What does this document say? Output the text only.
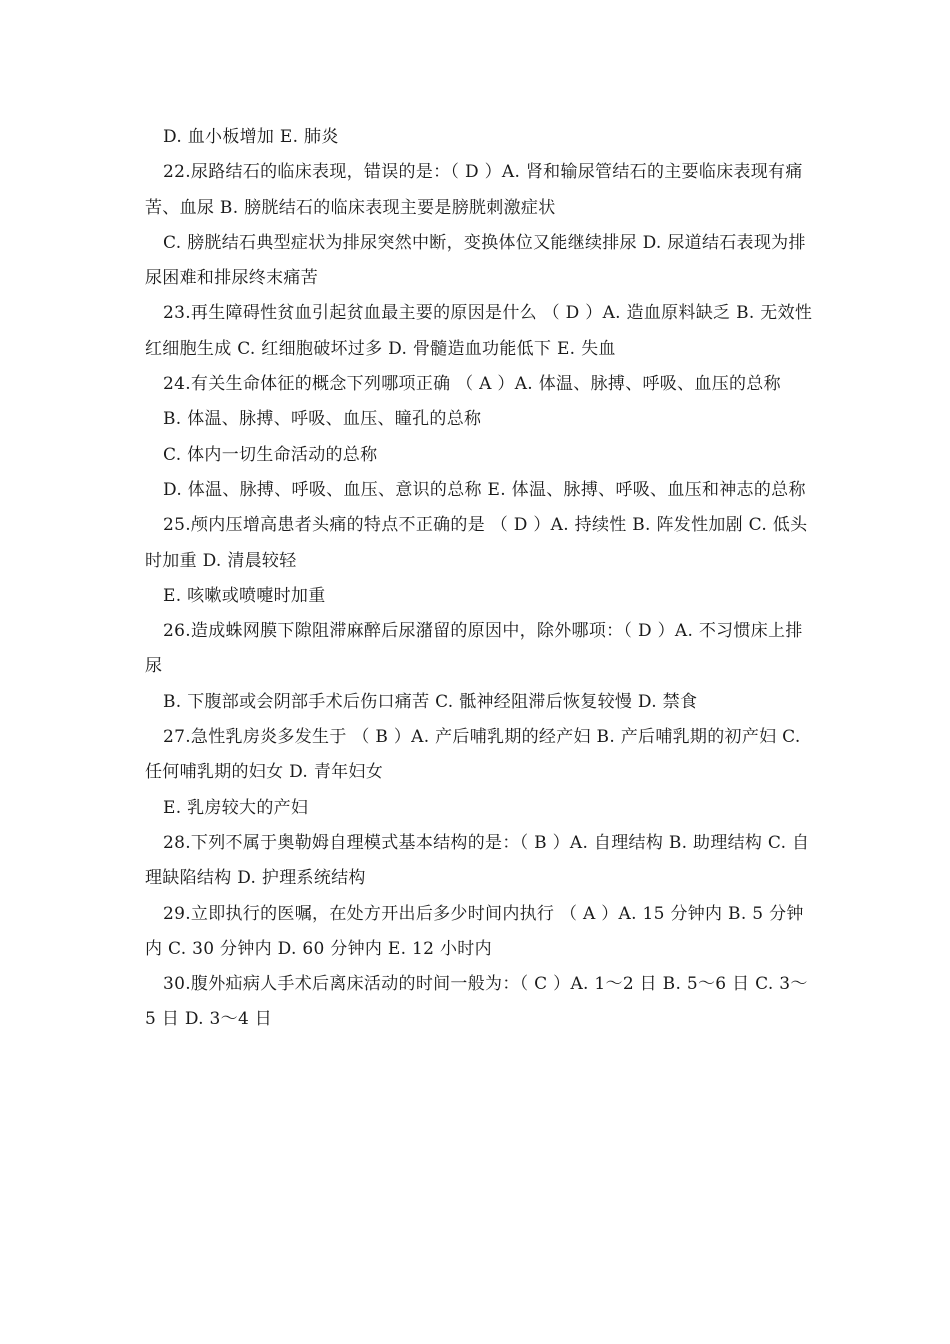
D. 血小板增加 E. 肺炎

22.尿路结石的临床表现，错误的是：（ D ）A. 肾和输尿管结石的主要临床表现有痛苦、血尿 B. 膀胱结石的临床表现主要是膀胱刺激症状

C. 膀胱结石典型症状为排尿突然中断，变换体位又能继续排尿 D. 尿道结石表现为排尿困难和排尿终末痛苦

23.再生障碍性贫血引起贫血最主要的原因是什么 （ D ）A. 造血原料缺乏 B. 无效性红细胞生成 C. 红细胞破坏过多 D. 骨髓造血功能低下 E. 失血

24.有关生命体征的概念下列哪项正确 （ A ）A. 体温、脉搏、呼吸、血压的总称

B. 体温、脉搏、呼吸、血压、瞳孔的总称

C. 体内一切生命活动的总称

D. 体温、脉搏、呼吸、血压、意识的总称 E. 体温、脉搏、呼吸、血压和神志的总称

25.颅内压增高患者头痛的特点不正确的是 （ D ）A. 持续性 B. 阵发性加剧 C. 低头时加重 D. 清晨较轻

E. 咳嗽或喷嚏时加重

26.造成蛛网膜下隙阻滞麻醉后尿潴留的原因中，除外哪项：（ D ）A. 不习惯床上排尿

B. 下腹部或会阴部手术后伤口痛苦 C. 骶神经阻滞后恢复较慢 D. 禁食

27.急性乳房炎多发生于 （ B ）A. 产后哺乳期的经产妇 B. 产后哺乳期的初产妇 C. 任何哺乳期的妇女 D. 青年妇女

E. 乳房较大的产妇

28.下列不属于奥勒姆自理模式基本结构的是：（ B ）A. 自理结构 B. 助理结构 C. 自理缺陷结构 D. 护理系统结构

29.立即执行的医嘱，在处方开出后多少时间内执行 （ A ）A. 15 分钟内 B. 5 分钟内 C. 30 分钟内 D. 60 分钟内 E. 12 小时内

30.腹外疝病人手术后离床活动的时间一般为：（ C ）A. 1～2 日 B. 5～6 日 C. 3～5 日 D. 3～4 日
